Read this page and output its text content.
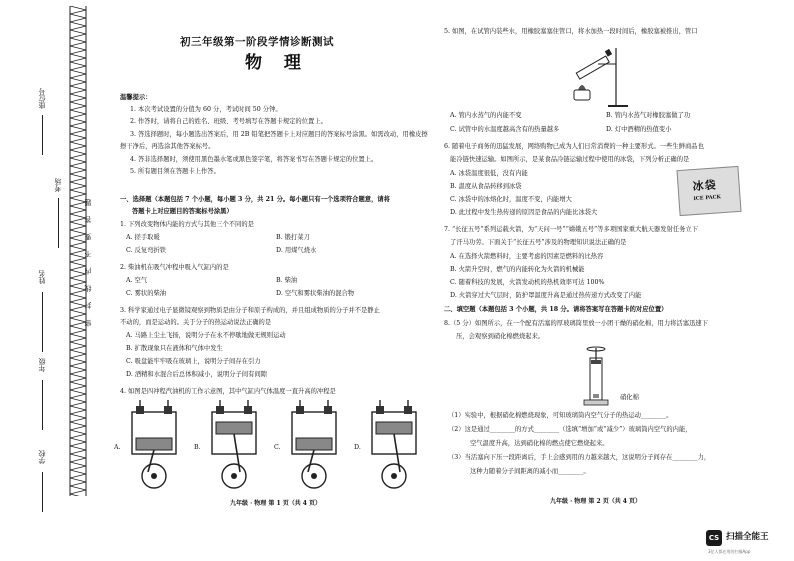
座位号
考场
姓名
年级
学校
密 封 线 内 不 要 答 题
初三年级第一阶段学情诊断测试
物 理
温馨提示：
1. 本次考试设置的分值为 60 分，考试时间 50 分钟。
2. 作答时，请将自己的姓名、班级、考号填写在答题卡规定的位置上。
3. 答选择题时，每小题选出答案后，用 2B 铅笔把答题卡上对应题目的答案标号涂黑。如需改动，用橡皮擦
擦干净后，再选涂其他答案标号。
4. 答非选择题时，须使用黑色墨水笔或黑色签字笔，将答案书写在答题卡规定的位置上。
5. 所有题目须在答题卡上作答。
一、选择题（本题包括 7 个小题，每小题 3 分，共 21 分。每小题只有一个选项符合题意，请将
答题卡上对应题目的答案标号涂黑）
1. 下列改变物体内能的方式与其他三个不同的是
A. 搓手取暖	B. 锻打菜刀
C. 反复弯折铁	D. 用煤气烧水
2. 柴油机在吸气冲程中吸入气缸内的是
A. 空气	B. 柴油
C. 雾状的柴油	D. 空气和雾状柴油的混合物
3. 科学家通过电子显微镜观察到物质是由分子和原子构成的，并且组成物质的分子并不是静止
不动的，而是运动的。关于分子的热运动说法正确的是
A. 马路上尘土飞扬，说明分子在永不停歇地做无规则运动
B. 扩散现象只在液体和气体中发生
C. 吸盘能牢牢吸在玻璃上，说明分子间存在引力
D. 酒精和水混合后总体积减小，说明分子间有间隙
4. 如图是四冲程汽油机的工作示意图，其中气缸内气体温度一直升高的冲程是
A.	B.	C.	D.
九年级 · 物理 第 1 页（共 4 页）
5. 如图，在试管内装些水，用橡胶塞塞住管口，将水加热一段时间后，橡胶塞被推出，管口
A. 管内水蒸气的内能不变	B. 管内水蒸气对橡胶塞做了功
C. 试管中的水温度越高含有的热量越多	D. 灯中酒精的热值变小
6. 随着电子商务的迅猛发展，网络购物已成为人们日常消费的一种主要形式。一些生鲜商品也
能冷链快速运输。如图所示，是某食品冷链运输过程中使用的冰袋，下列分析正确的是
A. 冰袋温度很低，没有内能
B. 温度从食品转移到冰袋
C. 冰袋中的冰熔化时，温度不变，内能增大
D. 此过程中发生热传递的原因是食品的内能比冰袋大
冰袋
ICE PACK
7. “长征五号”系列运载火箭，为“天问一号”“嫦娥五号”等多项国家重大航天器发射任务立下
了汗马功劳。下面关于“长征五号”涉及的物理知识说法正确的是
A. 在选择火箭燃料时，主要考虑的因素是燃料的比热容
B. 火箭升空时，燃气的内能转化为火箭的机械能
C. 随着科技的发展，火箭发动机的热机效率可达 100%
D. 火箭穿过大气层时，防护罩温度升高是通过热传递方式改变了内能
二、填空题（本题包括 3 个小题，共 18 分。请将答案写在答题卡的对应位置）
8.（5 分）如图所示，在一个配有活塞的厚玻璃筒里放一小团干燥的硝化棉，用力将活塞迅速下
压，会观察到硝化棉燃烧起来。
硝化棉
（1）实验中，根据硝化棉燃烧现象，可知玻璃筒内空气分子的热运动________。
（2）这是通过________的方式________（选填“增加”或“减少”）玻璃筒内空气的内能，
空气温度升高，达到硝化棉的燃点使它燃烧起来。
（3）当活塞向下压一段距离后，手上会感到用的力越来越大，这说明分子间存在________力，
这种力随着分子间距离的减小而________。
九年级 · 物理 第 2 页（共 4 页）
CS 扫描全能王
3亿人都在用的扫描App
